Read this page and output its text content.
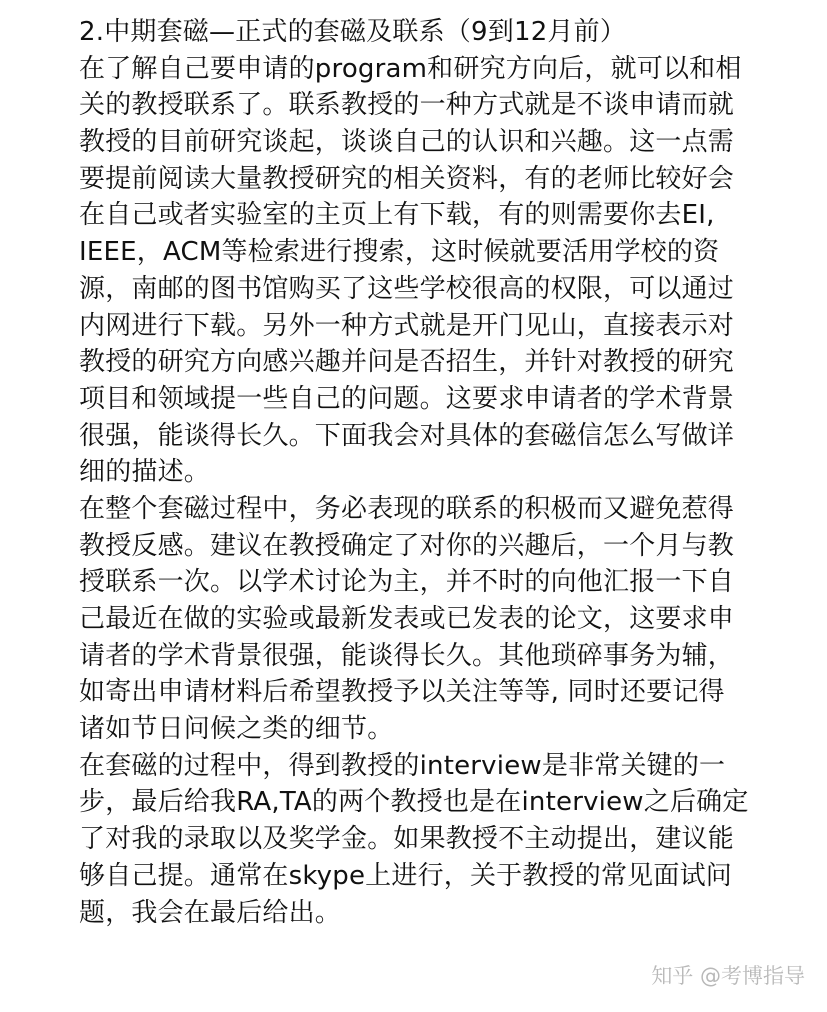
2.中期套磁—正式的套磁及联系（9到12月前）
在了解自己要申请的program和研究方向后，就可以和相
关的教授联系了。联系教授的一种方式就是不谈申请而就
教授的目前研究谈起，谈谈自己的认识和兴趣。这一点需
要提前阅读大量教授研究的相关资料，有的老师比较好会
在自己或者实验室的主页上有下载，有的则需要你去EI,
IEEE，ACM等检索进行搜索，这时候就要活用学校的资
源，南邮的图书馆购买了这些学校很高的权限，可以通过
内网进行下载。另外一种方式就是开门见山，直接表示对
教授的研究方向感兴趣并问是否招生，并针对教授的研究
项目和领域提一些自己的问题。这要求申请者的学术背景
很强，能谈得长久。下面我会对具体的套磁信怎么写做详
细的描述。
在整个套磁过程中，务必表现的联系的积极而又避免惹得
教授反感。建议在教授确定了对你的兴趣后，一个月与教
授联系一次。以学术讨论为主，并不时的向他汇报一下自
己最近在做的实验或最新发表或已发表的论文，这要求申
请者的学术背景很强，能谈得长久。其他琐碎事务为辅，
如寄出申请材料后希望教授予以关注等等, 同时还要记得
诸如节日问候之类的细节。
在套磁的过程中，得到教授的interview是非常关键的一
步，最后给我RA,TA的两个教授也是在interview之后确定
了对我的录取以及奖学金。如果教授不主动提出，建议能
够自己提。通常在skype上进行，关于教授的常见面试问
题，我会在最后给出。
知乎 @考博指导
